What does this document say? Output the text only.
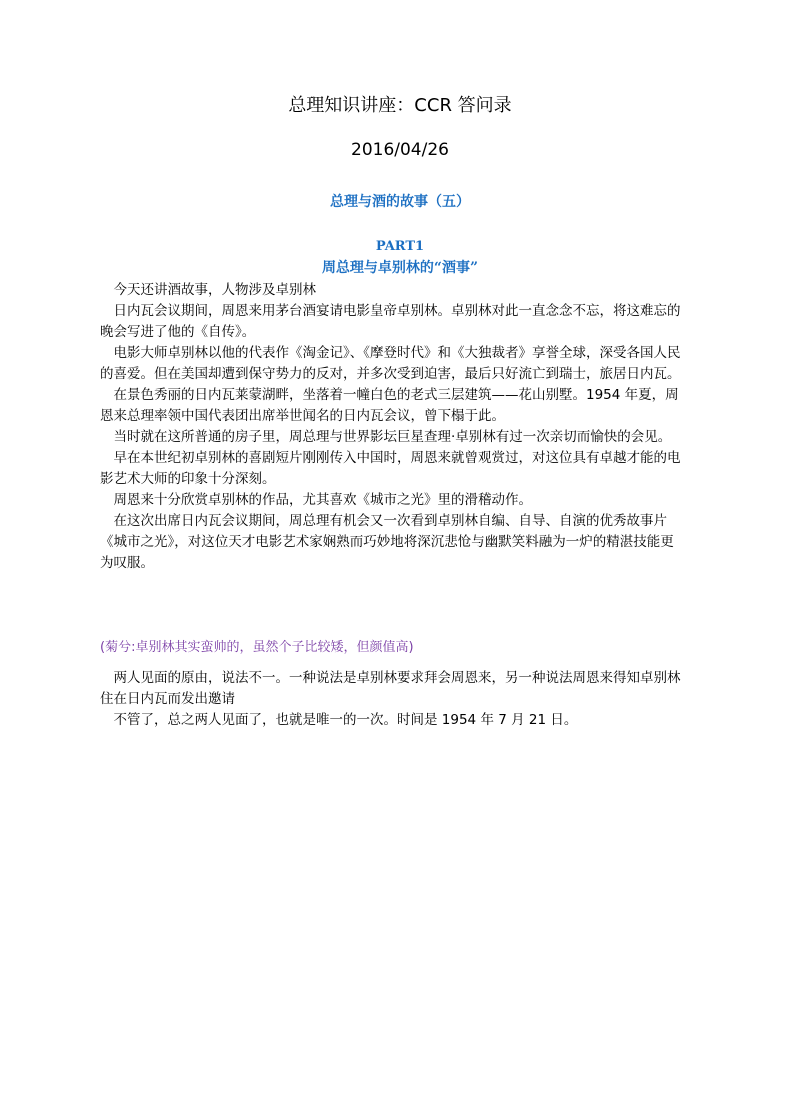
总理知识讲座：CCR 答问录
2016/04/26
总理与酒的故事（五）
PART1
周总理与卓别林的“酒事”

今天还讲酒故事，人物涉及卓别林

日内瓦会议期间，周恩来用茅台酒宴请电影皇帝卓别林。卓别林对此一直念念不忘，将这难忘的晚会写进了他的《自传》。

电影大师卓别林以他的代表作《淘金记》、《摩登时代》和《大独裁者》享誉全球，深受各国人民的喜爱。但在美国却遭到保守势力的反对，并多次受到迫害，最后只好流亡到瑞士，旅居日内瓦。

在景色秀丽的日内瓦莱蒙湖畔，坐落着一幢白色的老式三层建筑——花山别墅。1954 年夏，周恩来总理率领中国代表团出席举世闻名的日内瓦会议，曾下榻于此。

当时就在这所普通的房子里，周总理与世界影坛巨星查理·卓别林有过一次亲切而愉快的会见。

早在本世纪初卓别林的喜剧短片刚刚传入中国时，周恩来就曾观赏过，对这位具有卓越才能的电影艺术大师的印象十分深刻。

周恩来十分欣赏卓别林的作品，尤其喜欢《城市之光》里的滑稽动作。

在这次出席日内瓦会议期间，周总理有机会又一次看到卓别林自编、自导、自演的优秀故事片《城市之光》，对这位天才电影艺术家娴熟而巧妙地将深沉悲怆与幽默笑料融为一炉的精湛技能更为叹服。

(菊兮:卓别林其实蛮帅的，虽然个子比较矮，但颜值高)

两人见面的原由，说法不一。一种说法是卓别林要求拜会周恩来，另一种说法周恩来得知卓别林住在日内瓦而发出邀请

不管了，总之两人见面了，也就是唯一的一次。时间是 1954 年 7 月 21 日。
